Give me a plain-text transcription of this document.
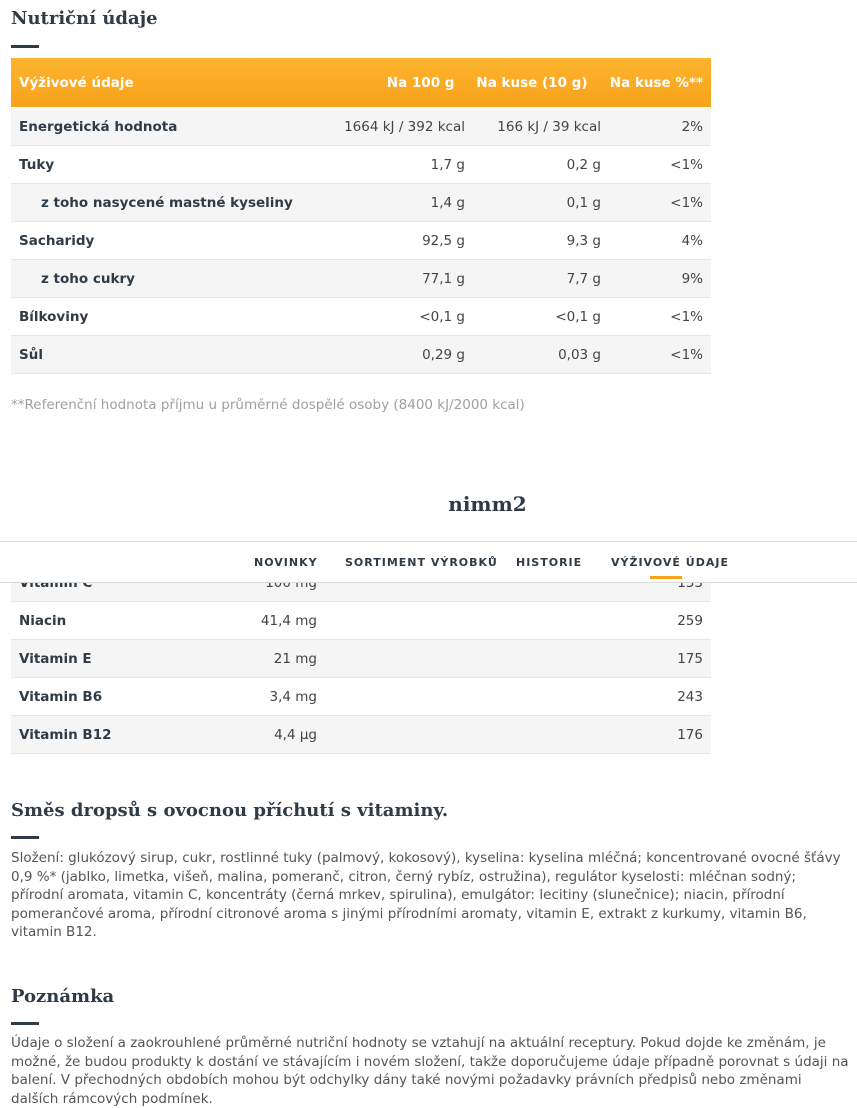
Nutriční údaje
Výživové údaje	Na 100 g	Na kuse (10 g)	Na kuse %**
Energetická hodnota	1664 kJ / 392 kcal	166 kJ / 39 kcal	2%
Tuky	1,7 g	0,2 g	<1%
z toho nasycené mastné kyseliny	1,4 g	0,1 g	<1%
Sacharidy	92,5 g	9,3 g	4%
z toho cukry	77,1 g	7,7 g	9%
Bílkoviny	<0,1 g	<0,1 g	<1%
Sůl	0,29 g	0,03 g	<1%
**Referenční hodnota příjmu u průměrné dospělé osoby (8400 kJ/2000 kcal)
nimm2

Niacin	41,4 mg	259
Vitamin E	21 mg	175
Vitamin B6	3,4 mg	243
Vitamin B12	4,4 µg	176
NOVINKY SORTIMENT VÝROBKŮ HISTORIE	VÝŽIVOVÉ ÚDAJE
Směs dropsů s ovocnou příchutí s vitaminy.

Složení: glukózový sirup, cukr, rostlinné tuky (palmový, kokosový), kyselina: kyselina mléčná; koncentrované ovocné šťávy 0,9 %* (jablko, limetka, višeň, malina, pomeranč, citron, černý rybíz, ostružina), regulátor kyselosti: mléčnan sodný; přírodní aromata, vitamin C, koncentráty (černá mrkev, spirulina), emulgátor: lecitiny (slunečnice); niacin, přírodní pomerančové aroma, přírodní citronové aroma s jinými přírodními aromaty, vitamin E, extrakt z kurkumy, vitamin B6, vitamin B12.

Poznámka

Údaje o složení a zaokrouhlené průměrné nutriční hodnoty se vztahují na aktuální receptury. Pokud dojde ke změnám, je možné, že budou produkty k dostání ve stávajícím i novém složení, takže doporučujeme údaje případně porovnat s údaji na balení. V přechodných obdobích mohou být odchylky dány také novými požadavky právních předpisů nebo změnami dalších rámcových podmínek.
